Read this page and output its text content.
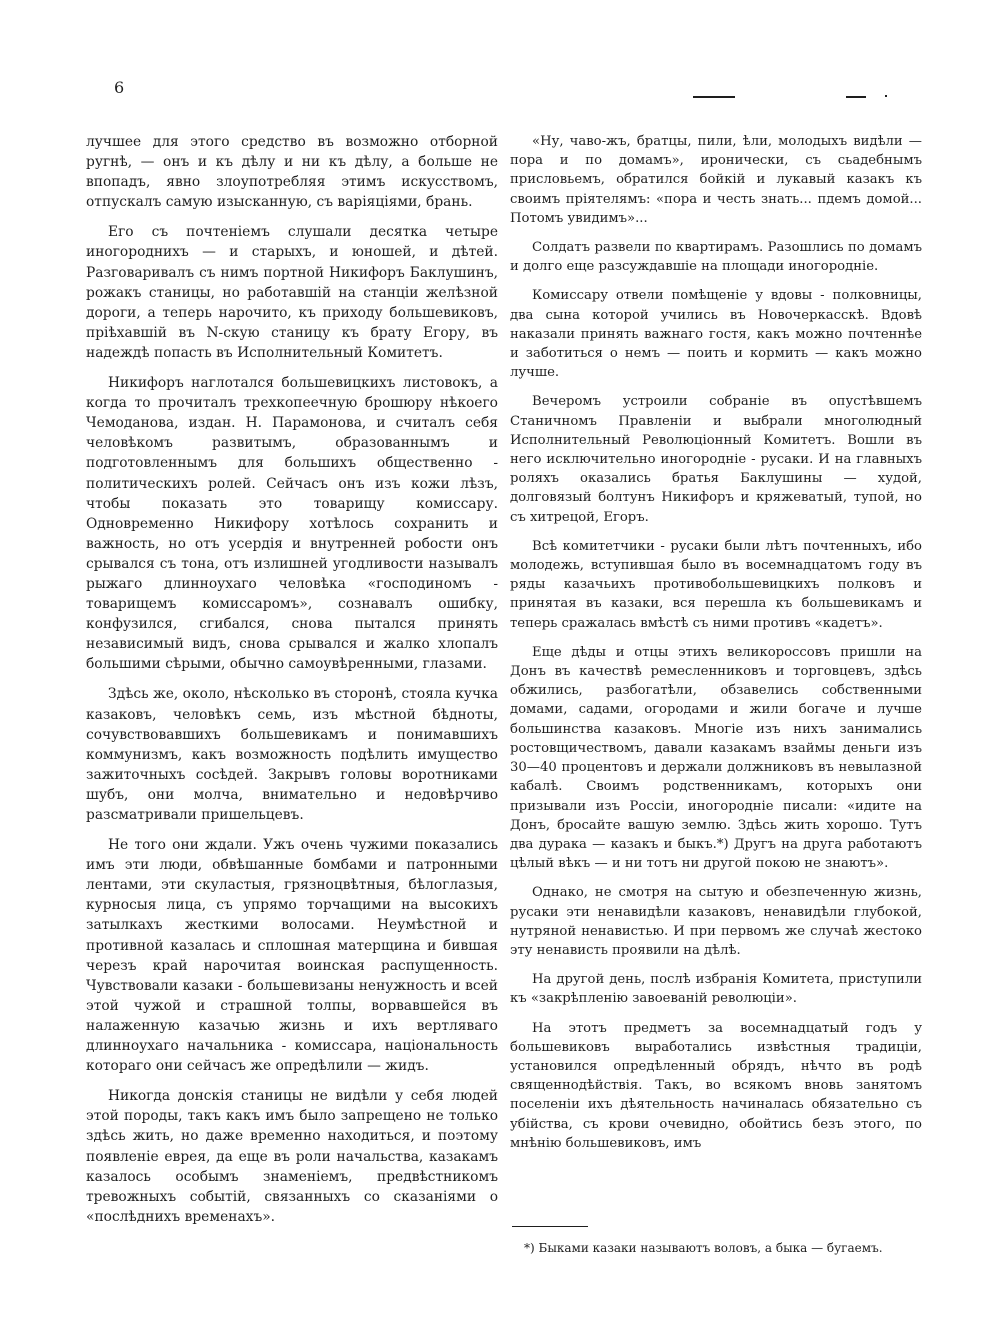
6

лучшее для этого средство въ возможно отборной ругнѣ, — онъ и къ дѣлу и ни къ дѣлу, а больше не впопадъ, явно злоупотребляя этимъ искусствомъ, отпускалъ самую изысканную, съ варіяціями, брань.

Его съ почтеніемъ слушали десятка четыре иногороднихъ — и старыхъ, и юношей, и дѣтей. Разговаривалъ съ нимъ портной Никифоръ Баклушинъ, рожакъ станицы, но работавшій на станціи желѣзной дороги, а теперь нарочито, къ приходу большевиковъ, пріѣхавшій въ N-скую станицу къ брату Егору, въ надеждѣ попасть въ Исполнительный Комитетъ.

Никифоръ наглотался большевицкихъ листовокъ, а когда то прочиталъ трехкопеечную брошюру нѣкоего Чемоданова, издан. Н. Парамонова, и считалъ себя человѣкомъ развитымъ, образованнымъ и подготовленнымъ для большихъ общественно - политическихъ ролей. Сейчасъ онъ изъ кожи лѣзъ, чтобы показать это товарищу комиссару. Одновременно Никифору хотѣлось сохранить и важность, но отъ усердія и внутренней робости онъ срывался съ тона, отъ излишней угодливости называлъ рыжаго длинноухаго человѣка «господиномъ - товарищемъ комиссаромъ», сознавалъ ошибку, конфузился, сгибался, снова пытался принять независимый видъ, снова срывался и жалко хлопалъ большими сѣрыми, обычно самоувѣренными, глазами.

Здѣсь же, около, нѣсколько въ сторонѣ, стояла кучка казаковъ, человѣкъ семь, изъ мѣстной бѣдноты, сочувствовавшихъ большевикамъ и понимавшихъ коммунизмъ, какъ возможность подѣлить имущество зажиточныхъ сосѣдей. Закрывъ головы воротниками шубъ, они молча, внимательно и недовѣрчиво разсматривали пришельцевъ.

Не того они ждали. Ужъ очень чужими показались имъ эти люди, обвѣшанные бомбами и патронными лентами, эти скуластыя, грязноцвѣтныя, бѣлоглазыя, курносыя лица, съ упрямо торчащими на высокихъ затылкахъ жесткими волосами. Неумѣстной и противной казалась и сплошная матерщина и бившая черезъ край нарочитая воинская распущенность. Чувствовали казаки - большевизаны ненужность и всей этой чужой и страшной толпы, ворвавшейся въ налаженную казачью жизнь и ихъ вертляваго длинноухаго начальника - комиссара, національность котораго они сейчасъ же опредѣлили — жидъ.

Никогда донскія станицы не видѣли у себя людей этой породы, такъ какъ имъ было запрещено не только здѣсь жить, но даже временно находиться, и поэтому появленіе еврея, да еще въ роли начальства, казакамъ казалось особымъ знаменіемъ, предвѣстникомъ тревожныхъ событій, связанныхъ со сказаніями о «послѣднихъ временахъ».

«Ну, чаво-жъ, братцы, пили, ѣли, молодыхъ видѣли — пора и по домамъ», иронически, съ сьадебнымъ присловьемъ, обратился бойкій и лукавый казакъ къ своимъ пріятелямъ: «пора и честь знать... пдемъ домой... Потомъ увидимъ»...

Солдатъ развели по квартирамъ. Разошлись по домамъ и долго еще разсуждавшіе на площади иногородніе.

Комиссару отвели помѣщеніе у вдовы - полковницы, два сына которой учились въ Новочеркасскѣ. Вдовѣ наказали принять важнаго гостя, какъ можно почтеннѣе и заботиться о немъ — поить и кормить — какъ можно лучше.

Вечеромъ устроили собраніе въ опустѣвшемъ Станичномъ Правленіи и выбрали многолюдный Исполнительный Революціонный Комитетъ. Вошли въ него исключительно иногородніе - русаки. И на главныхъ роляхъ оказались братья Баклушины — худой, долговязый болтунъ Никифоръ и кряжеватый, тупой, но съ хитрецой, Егоръ.

Всѣ комитетчики - русаки были лѣтъ почтенныхъ, ибо молодежь, вступившая было въ восемнадцатомъ году въ ряды казачьихъ противобольшевицкихъ полковъ и принятая въ казаки, вся перешла къ большевикамъ и теперь сражалась вмѣстѣ съ ними противъ «кадетъ».

Еще дѣды и отцы этихъ великороссовъ пришли на Донъ въ качествѣ ремесленниковъ и торговцевъ, здѣсь обжились, разбогатѣли, обзавелись собственными домами, садами, огородами и жили богаче и лучше большинства казаковъ. Многіе изъ нихъ занимались ростовщичествомъ, давали казакамъ взаймы деньги изъ 30—40 процентовъ и держали должниковъ въ невылазной кабалѣ. Своимъ родственникамъ, которыхъ они призывали изъ Россіи, иногородніе писали: «идите на Донъ, бросайте вашую землю. Здѣсь жить хорошо. Тутъ два дурака — казакъ и быкъ.*) Другъ на друга работаютъ цѣлый вѣкъ — и ни тотъ ни другой покою не знаютъ».

Однако, не смотря на сытую и обезпеченную жизнь, русаки эти ненавидѣли казаковъ, ненавидѣли глубокой, нутряной ненавистью. И при первомъ же случаѣ жестоко эту ненависть проявили на дѣлѣ.

На другой день, послѣ избранія Комитета, приступили къ «закрѣпленію завоеваній революціи».

На этотъ предметъ за восемнадцатый годъ у большевиковъ выработались извѣстныя традиціи, установился опредѣленный обрядъ, нѣчто въ родѣ священнодѣйствія. Такъ, во всякомъ вновь занятомъ поселеніи ихъ дѣятельность начиналась обязательно съ убійства, съ крови очевидно, обойтись безъ этого, по мнѣнію большевиковъ, имъ

*) Быками казаки называютъ воловъ, а быка — бугаемъ.
